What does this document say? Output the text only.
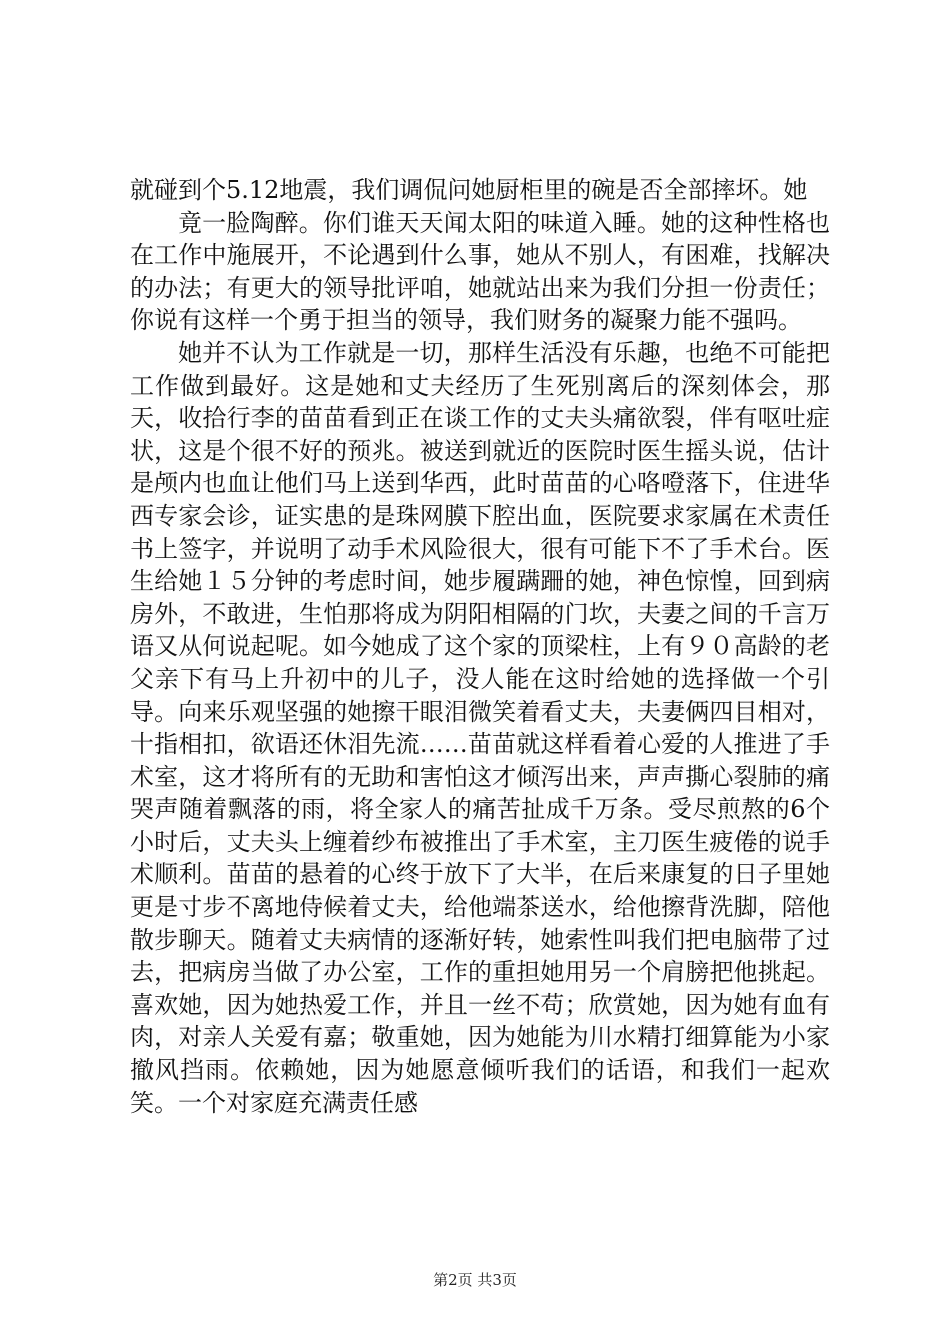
就碰到个5.12地震，我们调侃问她厨柜里的碗是否全部摔坏。她

竟一脸陶醉。你们谁天天闻太阳的味道入睡。她的这种性格也在工作中施展开，不论遇到什么事，她从不别人，有困难，找解决的办法；有更大的领导批评咱，她就站出来为我们分担一份责任；你说有这样一个勇于担当的领导，我们财务的凝聚力能不强吗。

她并不认为工作就是一切，那样生活没有乐趣，也绝不可能把工作做到最好。这是她和丈夫经历了生死别离后的深刻体会，那天，收拾行李的苗苗看到正在谈工作的丈夫头痛欲裂，伴有呕吐症状，这是个很不好的预兆。被送到就近的医院时医生摇头说，估计是颅内也血让他们马上送到华西，此时苗苗的心咯噔落下，住进华西专家会诊，证实患的是珠网膜下腔出血，医院要求家属在术责任书上签字，并说明了动手术风险很大，很有可能下不了手术台。医生给她１５分钟的考虑时间，她步履蹒跚的她，神色惊惶，回到病房外，不敢进，生怕那将成为阴阳相隔的门坎，夫妻之间的千言万语又从何说起呢。如今她成了这个家的顶梁柱，上有９０高龄的老父亲下有马上升初中的儿子，没人能在这时给她的选择做一个引导。向来乐观坚强的她擦干眼泪微笑着看丈夫，夫妻俩四目相对，十指相扣，欲语还休泪先流……苗苗就这样看着心爱的人推进了手术室，这才将所有的无助和害怕这才倾泻出来，声声撕心裂肺的痛哭声随着飘落的雨，将全家人的痛苦扯成千万条。受尽煎熬的6个小时后，丈夫头上缠着纱布被推出了手术室，主刀医生疲倦的说手术顺利。苗苗的悬着的心终于放下了大半，在后来康复的日子里她更是寸步不离地侍候着丈夫，给他端茶送水，给他擦背洗脚，陪他散步聊天。随着丈夫病情的逐渐好转，她索性叫我们把电脑带了过去，把病房当做了办公室，工作的重担她用另一个肩膀把他挑起。喜欢她，因为她热爱工作，并且一丝不苟；欣赏她，因为她有血有肉，对亲人关爱有嘉；敬重她，因为她能为川水精打细算能为小家撤风挡雨。依赖她，因为她愿意倾听我们的话语，和我们一起欢笑。一个对家庭充满责任感

第2页 共3页
